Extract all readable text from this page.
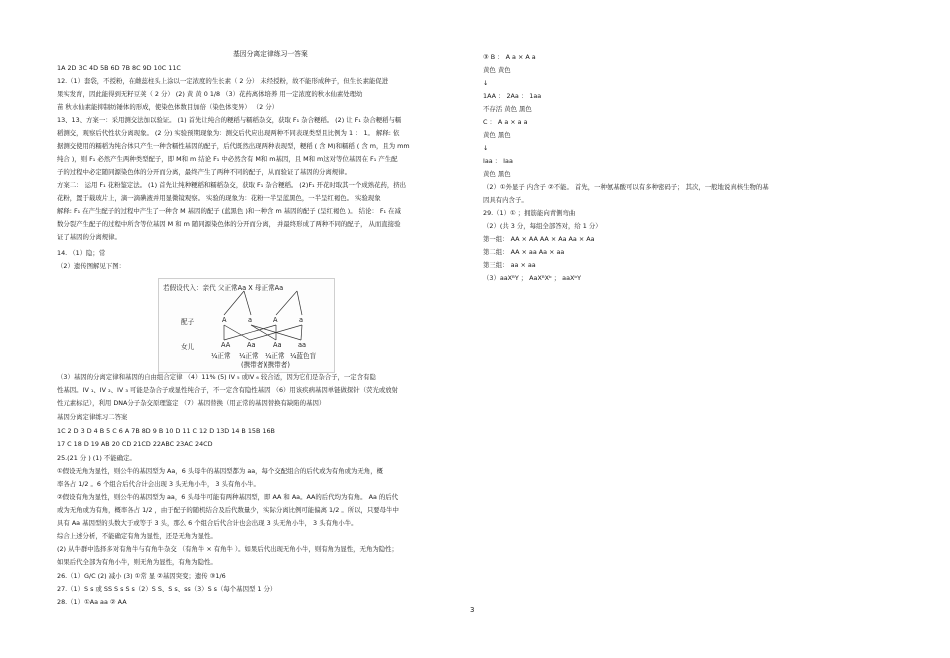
基因分离定律练习一答案
1A 2D 3C 4D 5B 6D 7B 8C 9D 10C 11C
12.（1）套袋，不授粉，在雌蕊柱头上涂以一定浓度的生长素（ 2 分） 未经授粉，故不能形成种子，但生长素能促进
果实发育，因此能得到无籽豆荚（ 2 分） (2) 黄 黄 0 1/8 （3）花药离体培养 用一定浓度的秋水仙素处理幼
苗 秋水仙素能抑制纺锤体的形成，使染色体数目加倍（染色体变异） （2 分）
13、13、方案一：采用测交法加以验证。 (1) 首先让纯合的粳稻与糯稻杂交，获取 F₁ 杂合粳稻。 (2) 让 F₁ 杂合粳稻与糯
稻测交，观察后代性状分离现象。 (2 分) 实验预期现象为：测交后代应出现两种不同表现类型且比例为 1 ： 1。 解释: 依
据测交使用的糯稻为纯合体只产生一种含糯性基因的配子，后代既然出现两种表现型，粳稻 ( 含 M)和糯稻 ( 含 m，且为 mm
纯合 )，则 F₁ 必然产生两种类型配子，即 M和 m 结论 F₁ 中必然含有 M和 m基因，且 M和 m这对等位基因在 F₁ 产生配
子的过程中必定随同源染色体的分开而分离，最终产生了两种不同的配子，从而验证了基因的分离规律。
方案二： 运用 F₁ 花粉鉴定法。 (1) 首先让纯种粳稻和糯稻杂交，获取 F₁ 杂合粳稻。 (2)F₁ 开花时取其一个成熟花药，挤出
花粉，置于载玻片上，滴一滴碘液并用显微镜观察。 实验的现象为：花粉一半呈蓝黑色，一半呈红褐色。 实验现象
解释: F₁ 在产生配子的过程中产生了一种含 M 基因的配子 (蓝黑色 )和一种含 m 基因的配子 (呈红褐色 )。 结论： F₁ 在减
数分裂产生配子的过程中所含等位基因 M 和 m 随同源染色体的分开而分离， 并最终形成了两种不同的配子， 从而直接验
证了基因的分离规律。
14. （1）隐；常
（2）遗传图解见下图：
（3）基因的分离定律和基因的自由组合定律 （4）11% (5) IV ₅ 或IV ₆ 较合适，因为它们是杂合子，一定含有隐
性基因。IV ₁、IV ₂、IV ₃ 可能是杂合子或显性纯合子，不一定含有隐性基因 （6）用该疾病基因单链做探针（荧光或放射
性元素标记），利用 DNA分子杂交原理鉴定 （7）基因替换（用正常的基因替换有缺陷的基因）
基因分离定律练习二答案
1C 2 D 3 D 4 B 5 C 6 A 7B 8D 9 B 10 D 11 C 12 D 13D 14 B 15B 16B
17 C 18 D 19 AB 20 CD 21CD 22ABC 23AC 24CD
25.(21 分 ) (1) 不能确定。
①假设无角为显性，则公牛的基因型为 Aa，6 头母牛的基因型都为 aa，每个交配组合的后代或为有角或为无角，概
率各占 1/2 。6 个组合后代合计会出现 3 头无角小牛， 3 头有角小牛。
②假设有角为显性，则公牛的基因型为 aa，6 头母牛可能有两种基因型，即 AA 和 Aa。AA的后代均为有角。 Aa 的后代
或为无角或为有角，概率各占 1/2 ，由于配子的随机结合及后代数量少，实际分离比例可能偏离 1/2 。所以，只要母牛中
具有 Aa 基因型的头数大于或等于 3 头，那么 6 个组合后代合计也会出现 3 头无角小牛， 3 头有角小牛。
综合上述分析，不能确定有角为显性，还是无角为显性。
(2) 从牛群中选择多对有角牛与有角牛杂交 （有角牛 × 有角牛 ）。如果后代出现无角小牛，则有角为显性，无角为隐性；
如果后代全部为有角小牛，则无角为显性，有角为隐性。
26.（1）G/C (2) 减小 (3) ①常 显 ②基因突变；遗传 ③1/6
27.（1）S s 或 SS S s S s（2）S S、S s、ss（3）S s（每个基因型 1 分）
28.（1）①Aa aa ② AA
若假设代入：亲代 父正常Aa X 母正常Aa
配子	A	a	A	a
女儿	AA	Aa	Aa aa
¼正常 ¼正常 ¼正常 ¼蓝色盲
(携带者) (携带者)
③ B ： A a × A a
黄色 黄色
↓
1AA ： 2Aa ： 1aa
不存活 黄色 黑色
C ： A a × a a
黄色 黑色
↓
Iaa ： Iaa
黄色 黑色
（2）①外显子 内含子 ②不能。 首先，一种氨基酸可以有多种密码子； 其次，一般地说真核生物的基
因具有内含子。
29.（1）① ；拥筋能向青側弯曲
（2）(共 3 分，每组全部答对，给 1 分）
第一组： AA × AA AA × Aa Aa × Aa
第二组： AA × aa Aa × aa
第三组： aa × aa
（3）aaXᴮY ； AaXᴮXᵇ ； aaXᵇY
3
